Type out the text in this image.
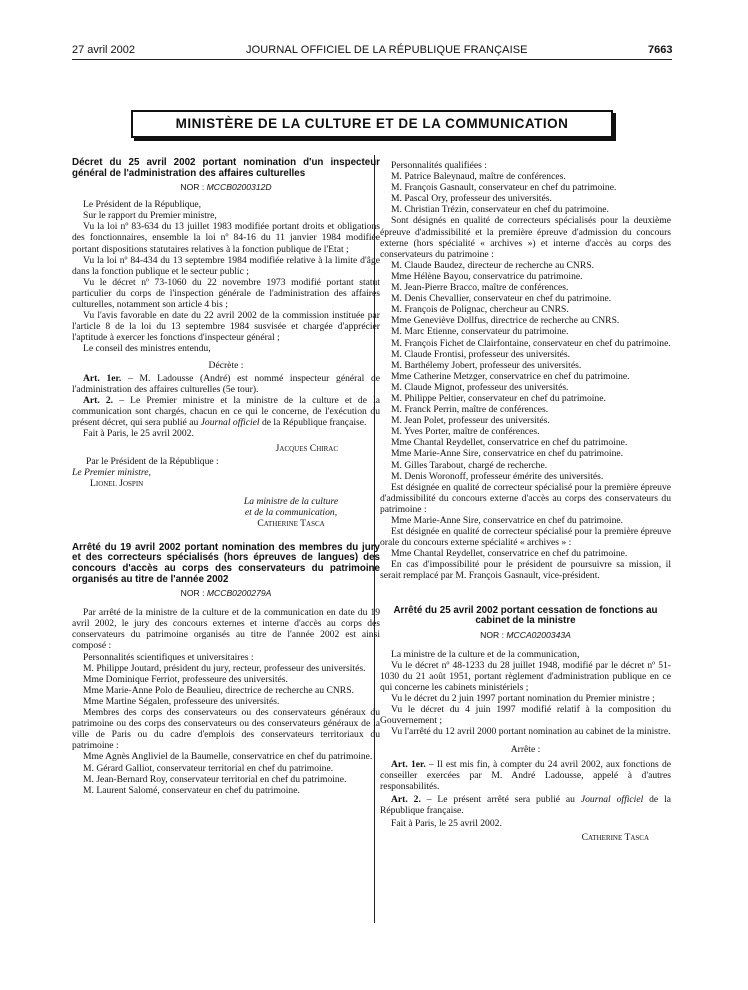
27 avril 2002	JOURNAL OFFICIEL DE LA RÉPUBLIQUE FRANÇAISE	7663
MINISTÈRE DE LA CULTURE ET DE LA COMMUNICATION
Décret du 25 avril 2002 portant nomination d'un inspecteur général de l'administration des affaires culturelles
NOR : MCCB0200312D

Le Président de la République,

Sur le rapport du Premier ministre,

Vu la loi nº 83-634 du 13 juillet 1983 modifiée portant droits et obligations des fonctionnaires, ensemble la loi nº 84-16 du 11 janvier 1984 modifiée portant dispositions statutaires relatives à la fonction publique de l'Etat ;

Vu la loi nº 84-434 du 13 septembre 1984 modifiée relative à la limite d'âge dans la fonction publique et le secteur public ;

Vu le décret nº 73-1060 du 22 novembre 1973 modifié portant statut particulier du corps de l'inspection générale de l'administration des affaires culturelles, notamment son article 4 bis ;

Vu l'avis favorable en date du 22 avril 2002 de la commission instituée par l'article 8 de la loi du 13 septembre 1984 susvisée et chargée d'apprécier l'aptitude à exercer les fonctions d'inspecteur général ;

Le conseil des ministres entendu,

Décrète :

Art. 1er. – M. Ladousse (André) est nommé inspecteur général de l'administration des affaires culturelles (5e tour).

Art. 2. – Le Premier ministre et la ministre de la culture et de la communication sont chargés, chacun en ce qui le concerne, de l'exécution du présent décret, qui sera publié au Journal officiel de la République française.

Fait à Paris, le 25 avril 2002.

Jacques Chirac

Par le Président de la République :

Le Premier ministre,

Lionel Jospin

La ministre de la culture

et de la communication,

Catherine Tasca

Arrêté du 19 avril 2002 portant nomination des membres du jury et des correcteurs spécialisés (hors épreuves de langues) des concours d'accès au corps des conservateurs du patrimoine organisés au titre de l'année 2002
NOR : MCCB0200279A

Par arrêté de la ministre de la culture et de la communication en date du 19 avril 2002, le jury des concours externes et interne d'accès au corps des conservateurs du patrimoine organisés au titre de l'année 2002 est ainsi composé :

Personnalités scientifiques et universitaires :

M. Philippe Joutard, président du jury, recteur, professeur des universités.

Mme Dominique Ferriot, professeure des universités.

Mme Marie-Anne Polo de Beaulieu, directrice de recherche au CNRS.

Mme Martine Ségalen, professeure des universités.

Membres des corps des conservateurs ou des conservateurs généraux du patrimoine ou des corps des conservateurs ou des conservateurs généraux de la ville de Paris ou du cadre d'emplois des conservateurs territoriaux du patrimoine :

Mme Agnès Angliviel de la Baumelle, conservatrice en chef du patrimoine.

M. Gérard Galliot, conservateur territorial en chef du patrimoine.

M. Jean-Bernard Roy, conservateur territorial en chef du patrimoine.

M. Laurent Salomé, conservateur en chef du patrimoine.

Personnalités qualifiées :

M. Patrice Baleynaud, maître de conférences.

M. François Gasnault, conservateur en chef du patrimoine.

M. Pascal Ory, professeur des universités.

M. Christian Trézin, conservateur en chef du patrimoine.

Sont désignés en qualité de correcteurs spécialisés pour la deuxième épreuve d'admissibilité et la première épreuve d'admission du concours externe (hors spécialité « archives ») et interne d'accès au corps des conservateurs du patrimoine :

M. Claude Baudez, directeur de recherche au CNRS.

Mme Hélène Bayou, conservatrice du patrimoine.

M. Jean-Pierre Bracco, maître de conférences.

M. Denis Chevallier, conservateur en chef du patrimoine.

M. François de Polignac, chercheur au CNRS.

Mme Geneviève Dollfus, directrice de recherche au CNRS.

M. Marc Etienne, conservateur du patrimoine.

M. François Fichet de Clairfontaine, conservateur en chef du patrimoine.

M. Claude Frontisi, professeur des universités.

M. Barthélemy Jobert, professeur des universités.

Mme Catherine Metzger, conservatrice en chef du patrimoine.

M. Claude Mignot, professeur des universités.

M. Philippe Peltier, conservateur en chef du patrimoine.

M. Franck Perrin, maître de conférences.

M. Jean Polet, professeur des universités.

M. Yves Porter, maître de conférences.

Mme Chantal Reydellet, conservatrice en chef du patrimoine.

Mme Marie-Anne Sire, conservatrice en chef du patrimoine.

M. Gilles Tarabout, chargé de recherche.

M. Denis Woronoff, professeur émérite des universités.

Est désignée en qualité de correcteur spécialisé pour la première épreuve d'admissibilité du concours externe d'accès au corps des conservateurs du patrimoine :

Mme Marie-Anne Sire, conservatrice en chef du patrimoine.

Est désignée en qualité de correcteur spécialisé pour la première épreuve orale du concours externe spécialité « archives » :

Mme Chantal Reydellet, conservatrice en chef du patrimoine.

En cas d'impossibilité pour le président de poursuivre sa mission, il serait remplacé par M. François Gasnault, vice-président.

Arrêté du 25 avril 2002 portant cessation de fonctions au cabinet de la ministre
NOR : MCCA0200343A

La ministre de la culture et de la communication,

Vu le décret nº 48-1233 du 28 juillet 1948, modifié par le décret nº 51-1030 du 21 août 1951, portant règlement d'administration publique en ce qui concerne les cabinets ministériels ;

Vu le décret du 2 juin 1997 portant nomination du Premier ministre ;

Vu le décret du 4 juin 1997 modifié relatif à la composition du Gouvernement ;

Vu l'arrêté du 12 avril 2000 portant nomination au cabinet de la ministre.

Arrête :

Art. 1er. – Il est mis fin, à compter du 24 avril 2002, aux fonctions de conseiller exercées par M. André Ladousse, appelé à d'autres responsabilités.

Art. 2. – Le présent arrêté sera publié au Journal officiel de la République française.

Fait à Paris, le 25 avril 2002.

Catherine Tasca
